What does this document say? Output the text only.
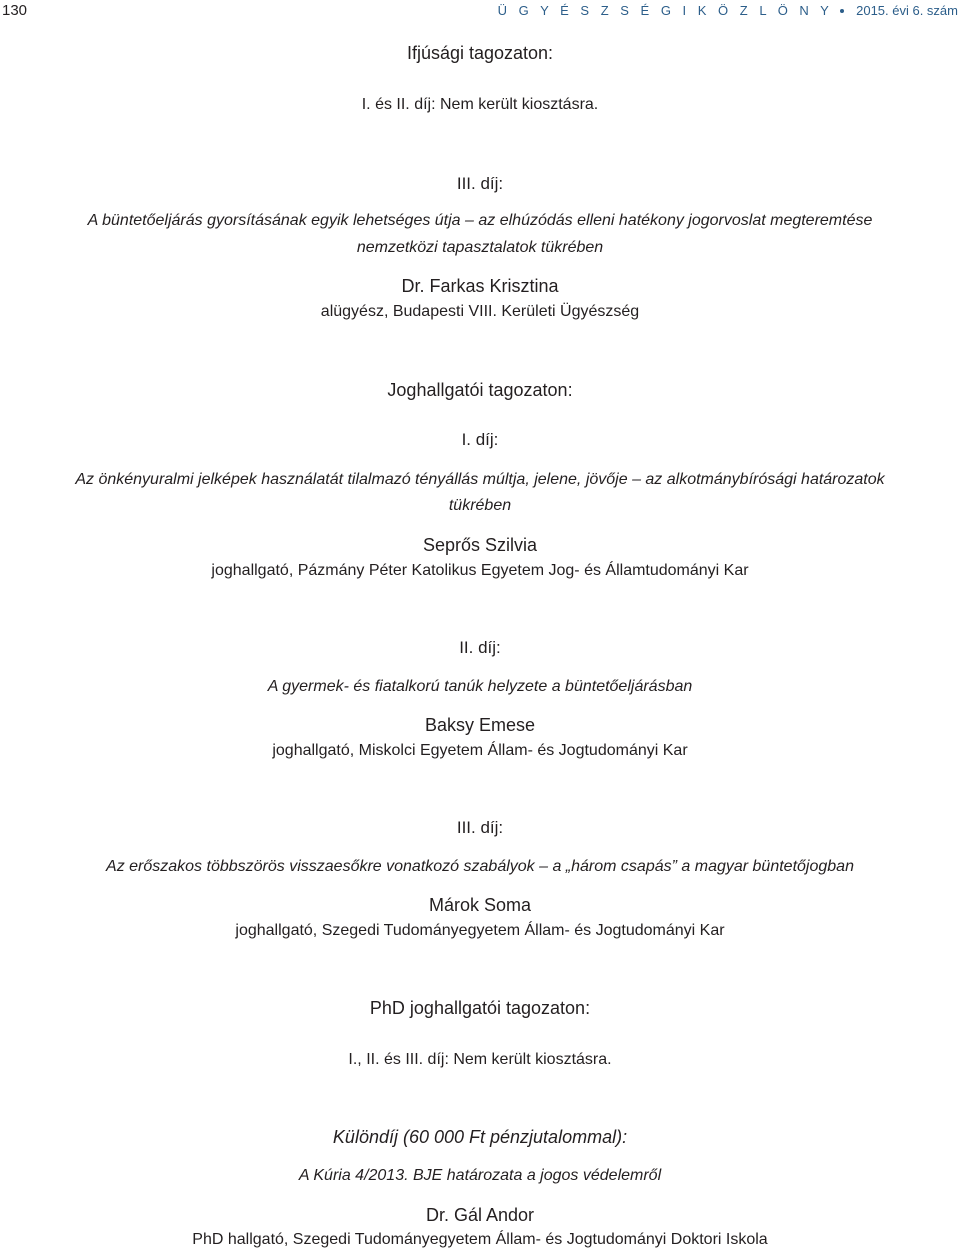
130	Ü G Y É S Z S É G I K Ö Z L Ö N Y 2015. évi 6. szám
Ifjúsági tagozaton:
I. és II. díj: Nem került kiosztásra.
III. díj:
A büntetőeljárás gyorsításának egyik lehetséges útja – az elhúzódás elleni hatékony jogorvoslat megteremtése
nemzetközi tapasztalatok tükrében
Dr. Farkas Krisztina
alügyész, Budapesti VIII. Kerületi Ügyészség
Joghallgatói tagozaton:
I. díj:
Az önkényuralmi jelképek használatát tilalmazó tényállás múltja, jelene, jövője – az alkotmánybírósági határozatok
tükrében
Seprős Szilvia
joghallgató, Pázmány Péter Katolikus Egyetem Jog- és Államtudományi Kar
II. díj:
A gyermek- és fiatalkorú tanúk helyzete a büntetőeljárásban
Baksy Emese
joghallgató, Miskolci Egyetem Állam- és Jogtudományi Kar
III. díj:
Az erőszakos többszörös visszaesőkre vonatkozó szabályok – a „három csapás” a magyar büntetőjogban
Márok Soma
joghallgató, Szegedi Tudományegyetem Állam- és Jogtudományi Kar
PhD joghallgatói tagozaton:
I., II. és III. díj: Nem került kiosztásra.
Különdíj (60 000 Ft pénzjutalommal):
A Kúria 4/2013. BJE határozata a jogos védelemről
Dr. Gál Andor
PhD hallgató, Szegedi Tudományegyetem Állam- és Jogtudományi Doktori Iskola
